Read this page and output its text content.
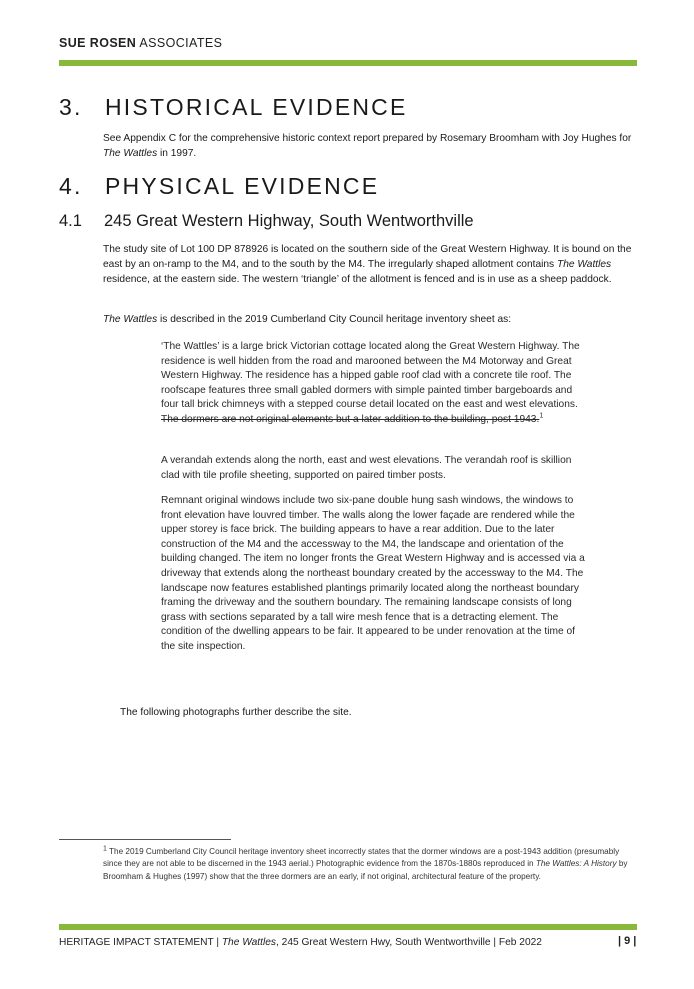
SUE ROSEN ASSOCIATES
3. HISTORICAL EVIDENCE

See Appendix C for the comprehensive historic context report prepared by Rosemary Broomham with Joy Hughes for The Wattles in 1997.

4. PHYSICAL EVIDENCE
4.1 245 Great Western Highway, South Wentworthville

The study site of Lot 100 DP 878926 is located on the southern side of the Great Western Highway. It is bound on the east by an on-ramp to the M4, and to the south by the M4. The irregularly shaped allotment contains The Wattles residence, at the eastern side. The western ‘triangle’ of the allotment is fenced and is in use as a sheep paddock.

The Wattles is described in the 2019 Cumberland City Council heritage inventory sheet as:

‘The Wattles’ is a large brick Victorian cottage located along the Great Western Highway. The residence is well hidden from the road and marooned between the M4 Motorway and Great Western Highway. The residence has a hipped gable roof clad with a concrete tile roof. The roofscape features three small gabled dormers with simple painted timber bargeboards and four tall brick chimneys with a stepped course detail located on the east and west elevations. The dormers are not original elements but a later addition to the building, post 1943.$^1$

A verandah extends along the north, east and west elevations. The verandah roof is skillion clad with tile profile sheeting, supported on paired timber posts.

Remnant original windows include two six-pane double hung sash windows, the windows to front elevation have louvred timber. The walls along the lower façade are rendered while the upper storey is face brick. The building appears to have a rear addition. Due to the later construction of the M4 and the accessway to the M4, the landscape and orientation of the building changed. The item no longer fronts the Great Western Highway and is accessed via a driveway that extends along the northeast boundary created by the accessway to the M4. The landscape now features established plantings primarily located along the northeast boundary framing the driveway and the southern boundary. The remaining landscape consists of long grass with sections separated by a tall wire mesh fence that is a detracting element. The condition of the dwelling appears to be fair. It appeared to be under renovation at the time of the site inspection.

The following photographs further describe the site.

$^1$ The 2019 Cumberland City Council heritage inventory sheet incorrectly states that the dormer windows are a post-1943 addition (presumably since they are not able to be discerned in the 1943 aerial.) Photographic evidence from the 1870s-1880s reproduced in The Wattles: A History by Broomham & Hughes (1997) show that the three dormers are an early, if not original, architectural feature of the property.

HERITAGE IMPACT STATEMENT | The Wattles, 245 Great Western Hwy, South Wentworthville | Feb 2022	| 9 |
